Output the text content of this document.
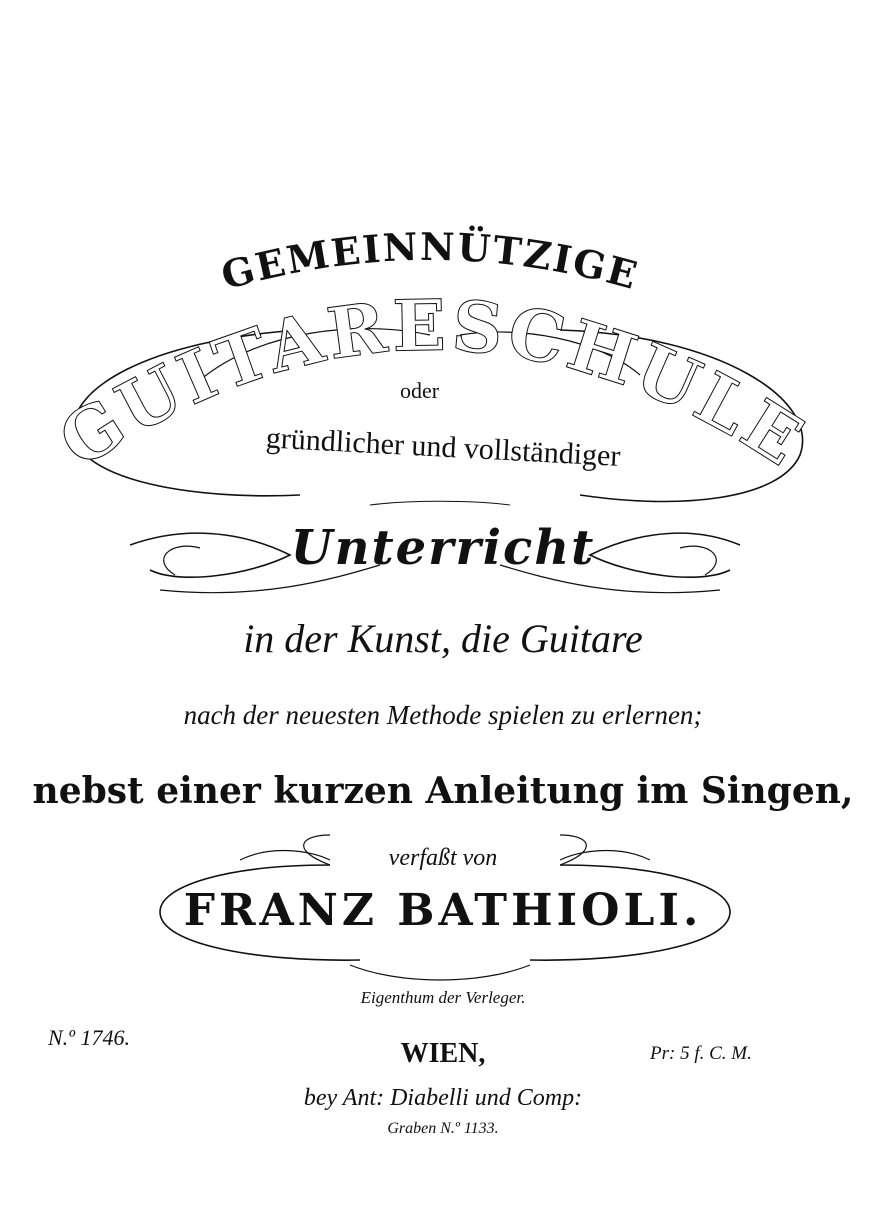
GEMEINNÜTZIGE
GUITARESCHULE
oder
gründlicher und vollständiger
Unterricht
in der Kunst, die Guitare
nach der neuesten Methode spielen zu erlernen;
nebst einer kurzen Anleitung im Singen,
verfaßt von
FRANZ BATHIOLI.
Eigenthum der Verleger.
N.º 1746.
WIEN,	Pr: 5 f. C. M.
bey Ant: Diabelli und Comp:
Graben N.º 1133.
